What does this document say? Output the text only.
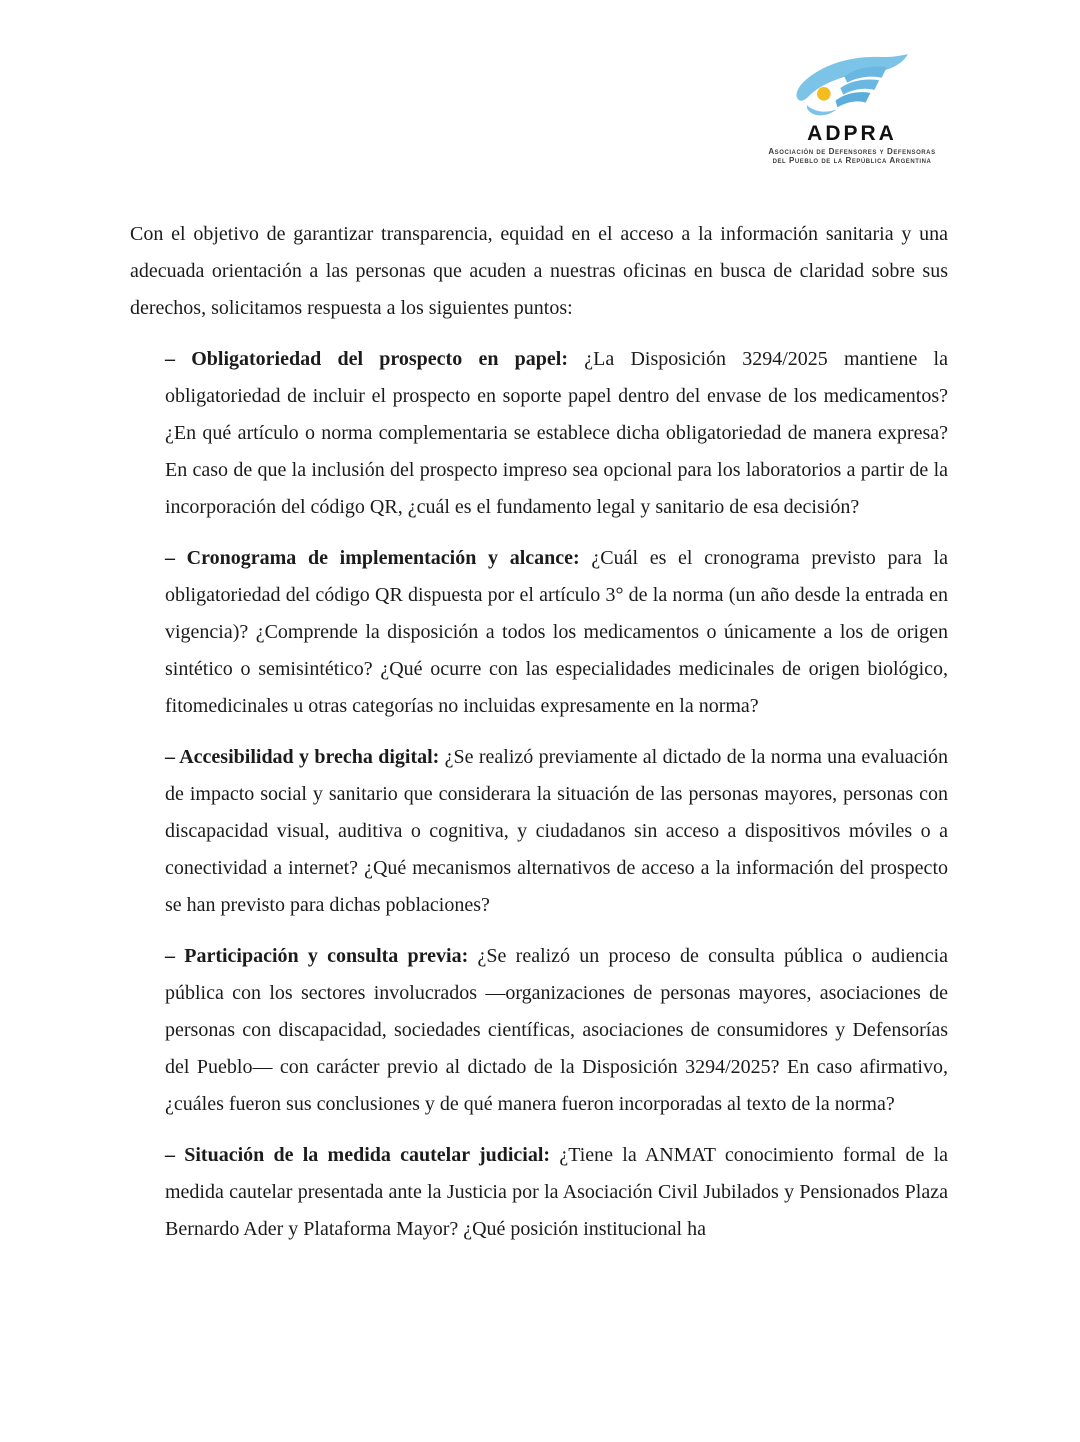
ADPRA
Asociación de Defensores y Defensoras
del Pueblo de la República Argentina

Con el objetivo de garantizar transparencia, equidad en el acceso a la información sanitaria y una adecuada orientación a las personas que acuden a nuestras oficinas en busca de claridad sobre sus derechos, solicitamos respuesta a los siguientes puntos:

– Obligatoriedad del prospecto en papel: ¿La Disposición 3294/2025 mantiene la obligatoriedad de incluir el prospecto en soporte papel dentro del envase de los medicamentos? ¿En qué artículo o norma complementaria se establece dicha obligatoriedad de manera expresa? En caso de que la inclusión del prospecto impreso sea opcional para los laboratorios a partir de la incorporación del código QR, ¿cuál es el fundamento legal y sanitario de esa decisión?

– Cronograma de implementación y alcance: ¿Cuál es el cronograma previsto para la obligatoriedad del código QR dispuesta por el artículo 3° de la norma (un año desde la entrada en vigencia)? ¿Comprende la disposición a todos los medicamentos o únicamente a los de origen sintético o semisintético? ¿Qué ocurre con las especialidades medicinales de origen biológico, fitomedicinales u otras categorías no incluidas expresamente en la norma?

– Accesibilidad y brecha digital: ¿Se realizó previamente al dictado de la norma una evaluación de impacto social y sanitario que considerara la situación de las personas mayores, personas con discapacidad visual, auditiva o cognitiva, y ciudadanos sin acceso a dispositivos móviles o a conectividad a internet? ¿Qué mecanismos alternativos de acceso a la información del prospecto se han previsto para dichas poblaciones?

– Participación y consulta previa: ¿Se realizó un proceso de consulta pública o audiencia pública con los sectores involucrados —organizaciones de personas mayores, asociaciones de personas con discapacidad, sociedades científicas, asociaciones de consumidores y Defensorías del Pueblo— con carácter previo al dictado de la Disposición 3294/2025? En caso afirmativo, ¿cuáles fueron sus conclusiones y de qué manera fueron incorporadas al texto de la norma?

– Situación de la medida cautelar judicial: ¿Tiene la ANMAT conocimiento formal de la medida cautelar presentada ante la Justicia por la Asociación Civil Jubilados y Pensionados Plaza Bernardo Ader y Plataforma Mayor? ¿Qué posición institucional ha
